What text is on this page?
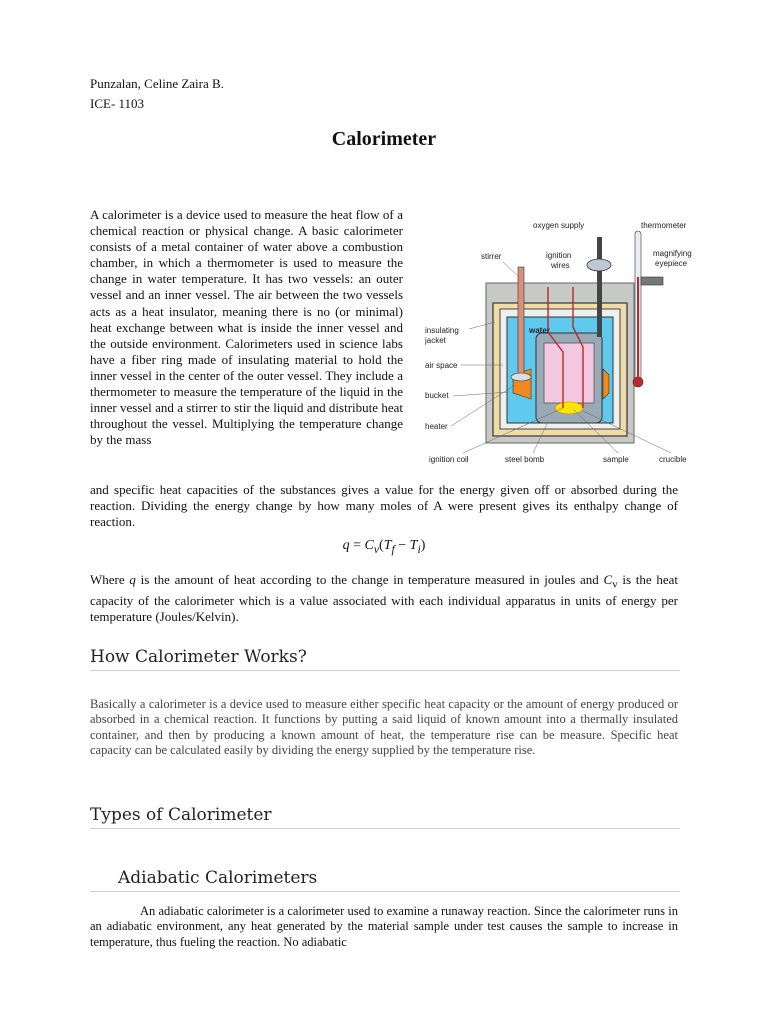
Punzalan, Celine Zaira B.
ICE- 1103
Calorimeter
A calorimeter is a device used to measure the heat flow of a chemical reaction or physical change. A basic calorimeter consists of a metal container of water above a combustion chamber, in which a thermometer is used to measure the change in water temperature. It has two vessels: an outer vessel and an inner vessel. The air between the two vessels acts as a heat insulator, meaning there is no (or minimal) heat exchange between what is inside the inner vessel and the outside environment. Calorimeters used in science labs have a fiber ring made of insulating material to hold the inner vessel in the center of the outer vessel. They include a thermometer to measure the temperature of the liquid in the inner vessel and a stirrer to stir the liquid and distribute heat throughout the vessel. Multiplying the temperature change by the mass
oxygen supply	thermometer
stirrer	ignition
wires
magnifying
eyepiece
insulating
jacket
water
air space
bucket
heater
ignition coil	steel bomb	sample	crucible
and specific heat capacities of the substances gives a value for the energy given off or absorbed during the reaction. Dividing the energy change by how many moles of A were present gives its enthalpy change of reaction.
$q = C_v(T_f - T_i)$
Where q is the amount of heat according to the change in temperature measured in joules and $C_v$ is the heat capacity of the calorimeter which is a value associated with each individual apparatus in units of energy per temperature (Joules/Kelvin).
How Calorimeter Works?
Basically a calorimeter is a device used to measure either specific heat capacity or the amount of energy produced or absorbed in a chemical reaction. It functions by putting a said liquid of known amount into a thermally insulated container, and then by producing a known amount of heat, the temperature rise can be measure. Specific heat capacity can be calculated easily by dividing the energy supplied by the temperature rise.
Types of Calorimeter
Adiabatic Calorimeters
An adiabatic calorimeter is a calorimeter used to examine a runaway reaction. Since the calorimeter runs in an adiabatic environment, any heat generated by the material sample under test causes the sample to increase in temperature, thus fueling the reaction. No adiabatic
